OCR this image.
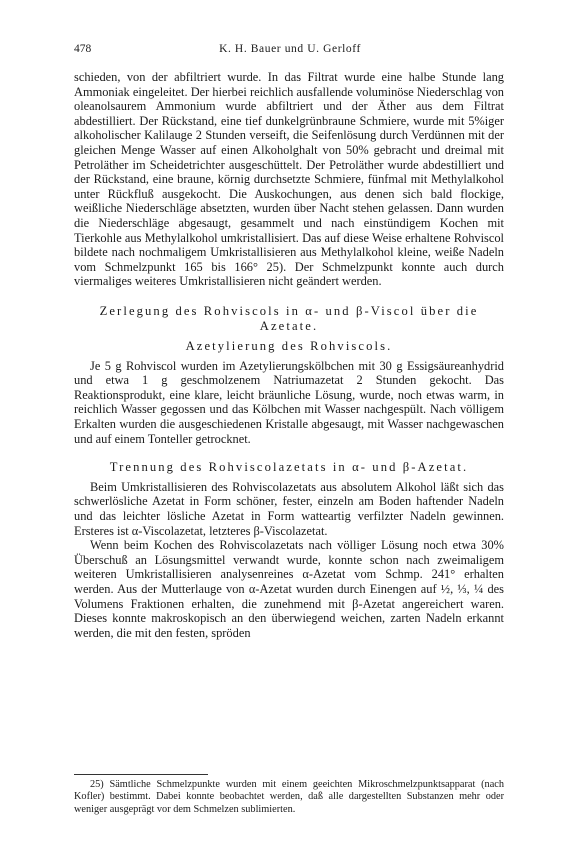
478	K. H. Bauer und U. Gerloff

schieden, von der abfiltriert wurde. In das Filtrat wurde eine halbe Stunde lang Ammoniak eingeleitet. Der hierbei reichlich ausfallende voluminöse Niederschlag von oleanolsaurem Ammonium wurde abfiltriert und der Äther aus dem Filtrat abdestilliert. Der Rückstand, eine tief dunkelgrünbraune Schmiere, wurde mit 5%iger alkoholischer Kalilauge 2 Stunden verseift, die Seifenlösung durch Verdünnen mit der gleichen Menge Wasser auf einen Alkoholghalt von 50% gebracht und dreimal mit Petroläther im Scheidetrichter ausgeschüttelt. Der Petroläther wurde abdestilliert und der Rückstand, eine braune, körnig durchsetzte Schmiere, fünfmal mit Methylalkohol unter Rückfluß ausgekocht. Die Auskochungen, aus denen sich bald flockige, weißliche Niederschläge absetzten, wurden über Nacht stehen gelassen. Dann wurden die Niederschläge abgesaugt, gesammelt und nach einstündigem Kochen mit Tierkohle aus Methylalkohol umkristallisiert. Das auf diese Weise erhaltene Rohviscol bildete nach nochmaligem Umkristallisieren aus Methylalkohol kleine, weiße Nadeln vom Schmelzpunkt 165 bis 166° 25). Der Schmelzpunkt konnte auch durch viermaliges weiteres Umkristallisieren nicht geändert werden.

Zerlegung des Rohviscols in α- und β-Viscol über die Azetate.
Azetylierung des Rohviscols.

Je 5 g Rohviscol wurden im Azetylierungskölbchen mit 30 g Essigsäureanhydrid und etwa 1 g geschmolzenem Natriumazetat 2 Stunden gekocht. Das Reaktionsprodukt, eine klare, leicht bräunliche Lösung, wurde, noch etwas warm, in reichlich Wasser gegossen und das Kölbchen mit Wasser nachgespült. Nach völligem Erkalten wurden die ausgeschiedenen Kristalle abgesaugt, mit Wasser nachgewaschen und auf einem Tonteller getrocknet.

Trennung des Rohviscolazetats in α- und β-Azetat.

Beim Umkristallisieren des Rohviscolazetats aus absolutem Alkohol läßt sich das schwerlösliche Azetat in Form schöner, fester, einzeln am Boden haftender Nadeln und das leichter lösliche Azetat in Form watteartig verfilzter Nadeln gewinnen. Ersteres ist α-Viscolazetat, letzteres β-Viscolazetat.

Wenn beim Kochen des Rohviscolazetats nach völliger Lösung noch etwa 30% Überschuß an Lösungsmittel verwandt wurde, konnte schon nach zweimaligem weiteren Umkristallisieren analysenreines α-Azetat vom Schmp. 241° erhalten werden. Aus der Mutterlauge von α-Azetat wurden durch Einengen auf ½, ⅓, ¼ des Volumens Fraktionen erhalten, die zunehmend mit β-Azetat angereichert waren. Dieses konnte makroskopisch an den überwiegend weichen, zarten Nadeln erkannt werden, die mit den festen, spröden

25) Sämtliche Schmelzpunkte wurden mit einem geeichten Mikroschmelzpunktsapparat (nach Kofler) bestimmt. Dabei konnte beobachtet werden, daß alle dargestellten Substanzen mehr oder weniger ausgeprägt vor dem Schmelzen sublimierten.
